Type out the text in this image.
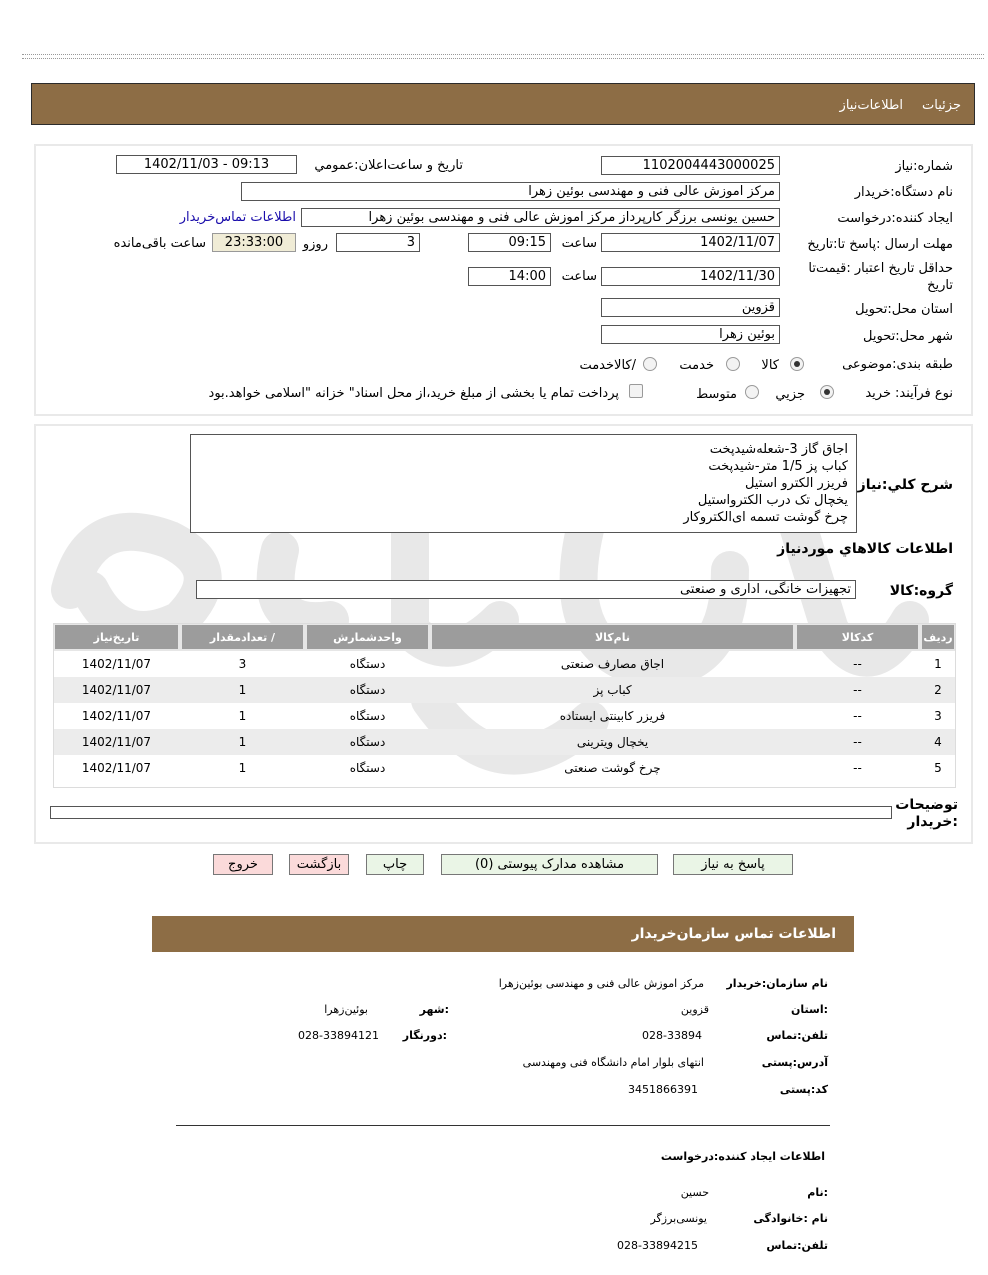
جزئیات
اطلاعات‌نیاز
شماره:نیاز
1102004443000025
تاریخ و ساعت‌اعلان:عمومي
1402/11/03 - 09:13
نام دستگاه:خریدار
مرکز اموزش عالی فنی و مهندسی بوئین زهرا
ایجاد کننده:درخواست
حسین یونسی برزگر کارپرداز مرکز اموزش عالی فنی و مهندسی بوئین زهرا
اطلاعات تماس‌خریدار
مهلت ارسال :پاسخ تا:تاریخ
1402/11/07
ساعت
09:15
3
روزو
23:33:00
ساعت باقی‌مانده
حداقل تاریخ اعتبار :قیمت‌تا تاریخ
1402/11/30
ساعت
14:00
استان محل:تحویل
قزوین
شهر محل:تحویل
بوئین زهرا
طبقه بندی:موضوعی
کالا
خدمت
/کالاخدمت
نوع فرآیند:
خرید
جزیي
متوسط
پرداخت تمام یا بخشی از مبلغ خرید،از محل اسناد" خزانه "اسلامی خواهد.بود
شرح کلي:نیاز
اجاق گاز 3-شعله‌شیدپخت
کباب پز 1/5 متر-شیدپخت
فریزر الکترو استیل
یخچال تک درب الکترواستیل
چرخ گوشت تسمه ای‌الکتروکار
اطلاعات کالاهاي موردنیاز
گروه:کالا
تجهیزات خانگی، اداری و صنعتی
ردیف	کدکالا	نام‌کالا	واحدشمارش	/ تعدادمقدار	تاریخ‌نیاز
1	--	اجاق مصارف صنعتی	دستگاه	3	1402/11/07
2	--	کباب پز	دستگاه	1	1402/11/07
3	--	فریزر کابینتی ایستاده	دستگاه	1	1402/11/07
4	--	یخچال ویترینی	دستگاه	1	1402/11/07
5	--	چرخ گوشت صنعتی	دستگاه	1	1402/11/07
توضیحات :خریدار
پاسخ به نیاز
مشاهده مدارک پیوستی (0)
چاپ
بازگشت
خروج
اطلاعات تماس سازمان‌خریدار
نام سازمان:خریدار
مرکز اموزش عالی فنی و مهندسی بوئین‌زهرا
:استان
قزوین
:شهر
بوئین‌زهرا
تلفن:تماس
028-33894
:دورنگار
028-33894121
آدرس:پستی
انتهای بلوار امام دانشگاه فنی ومهندسی
کد:پستی
3451866391
اطلاعات ایجاد کننده:درخواست
:نام
حسین
نام :خانوادگی
یونسی‌برزگر
تلفن:تماس
028-33894215
